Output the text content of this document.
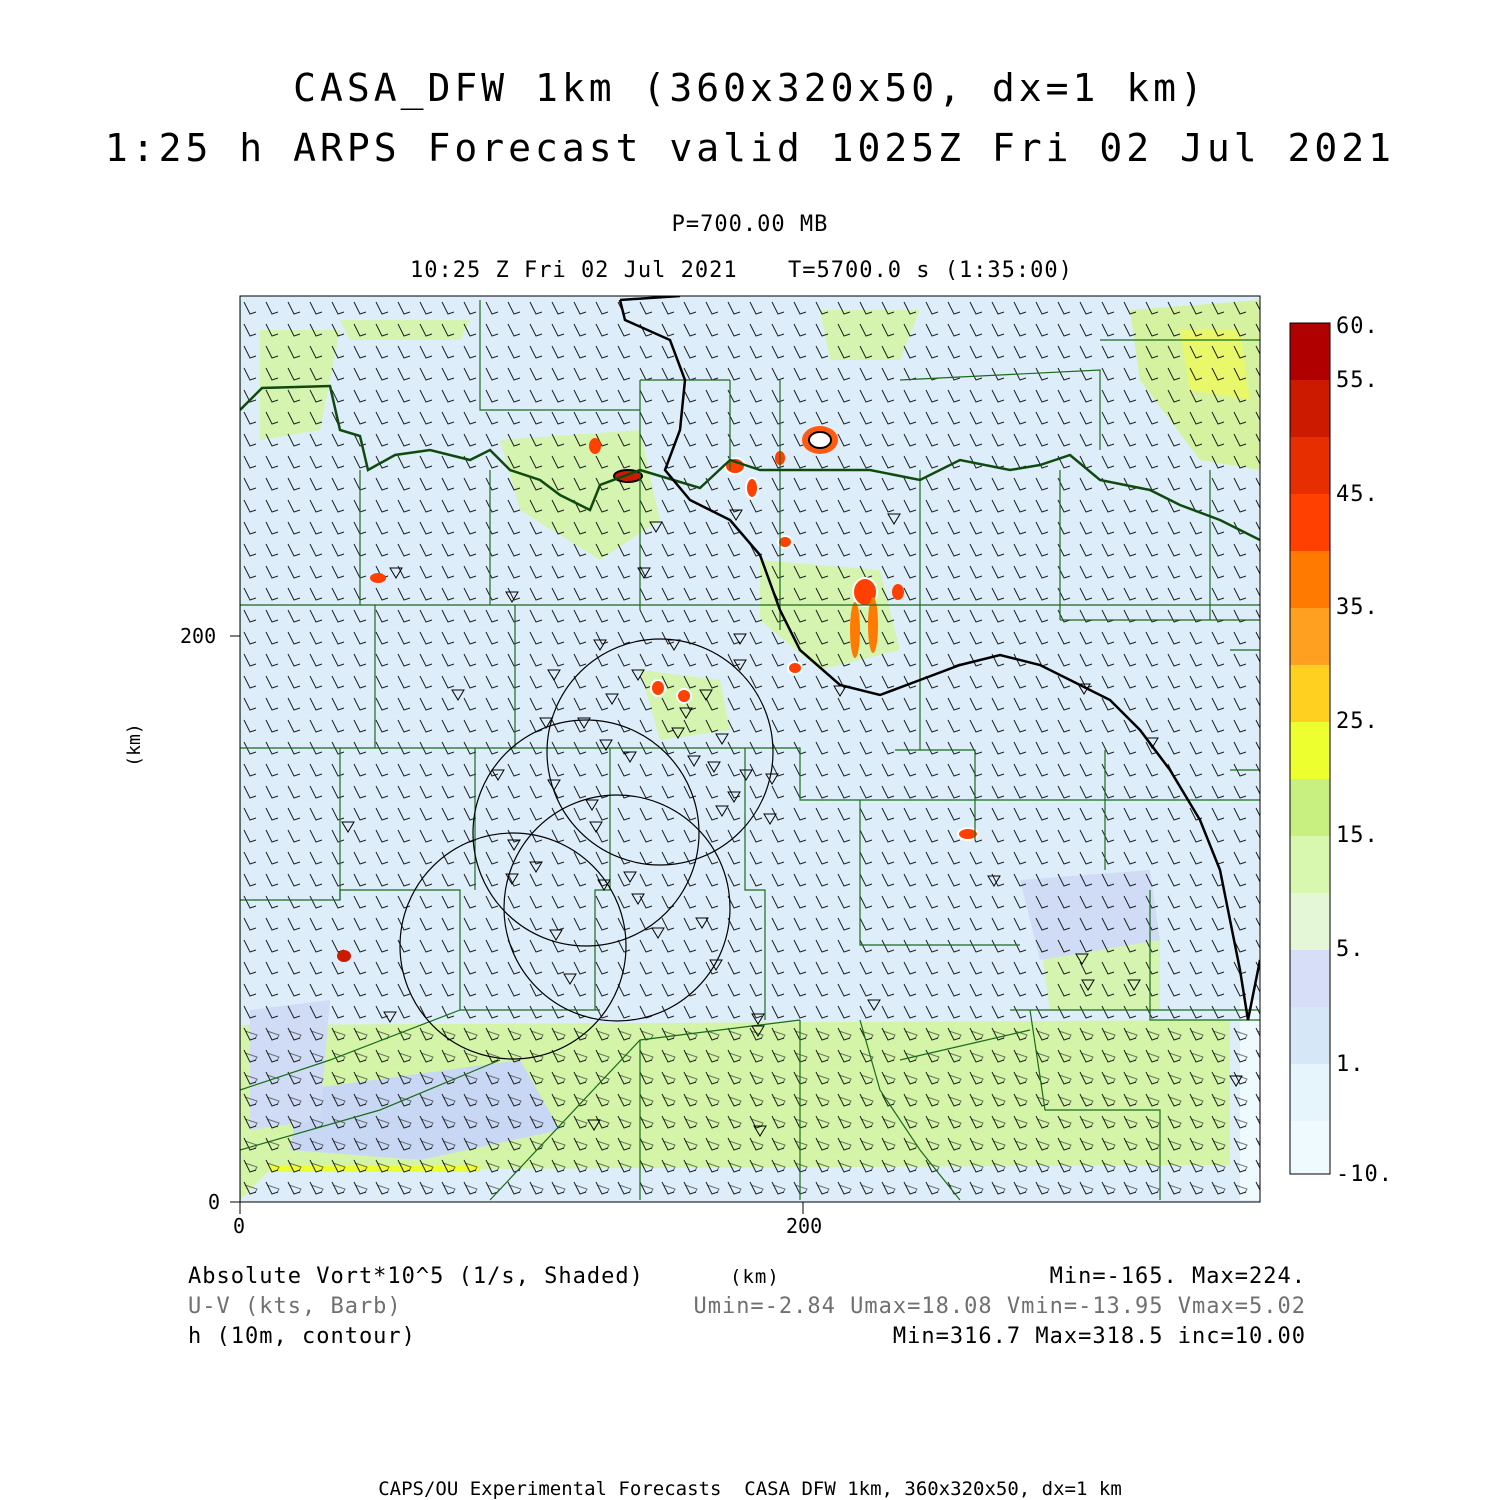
CASA_DFW 1km (360x320x50, dx=1 km)
1:25 h ARPS Forecast valid 1025Z Fri 02 Jul 2021
P=700.00 MB
10:25 Z Fri 02 Jul 2021 T=5700.0 s (1:35:00)
(km)
0	200
0
200
60.
55.
45.
35.
25.
15.
5.
1.
-10.
Absolute Vort*10^5 (1/s, Shaded)	(km)	Min=-165. Max=224.
U-V (kts, Barb)	Umin=-2.84 Umax=18.08 Vmin=-13.95 Vmax=5.02
h (10m, contour)	Min=316.7 Max=318.5 inc=10.00
CAPS/OU Experimental Forecasts  CASA DFW 1km, 360x320x50, dx=1 km
